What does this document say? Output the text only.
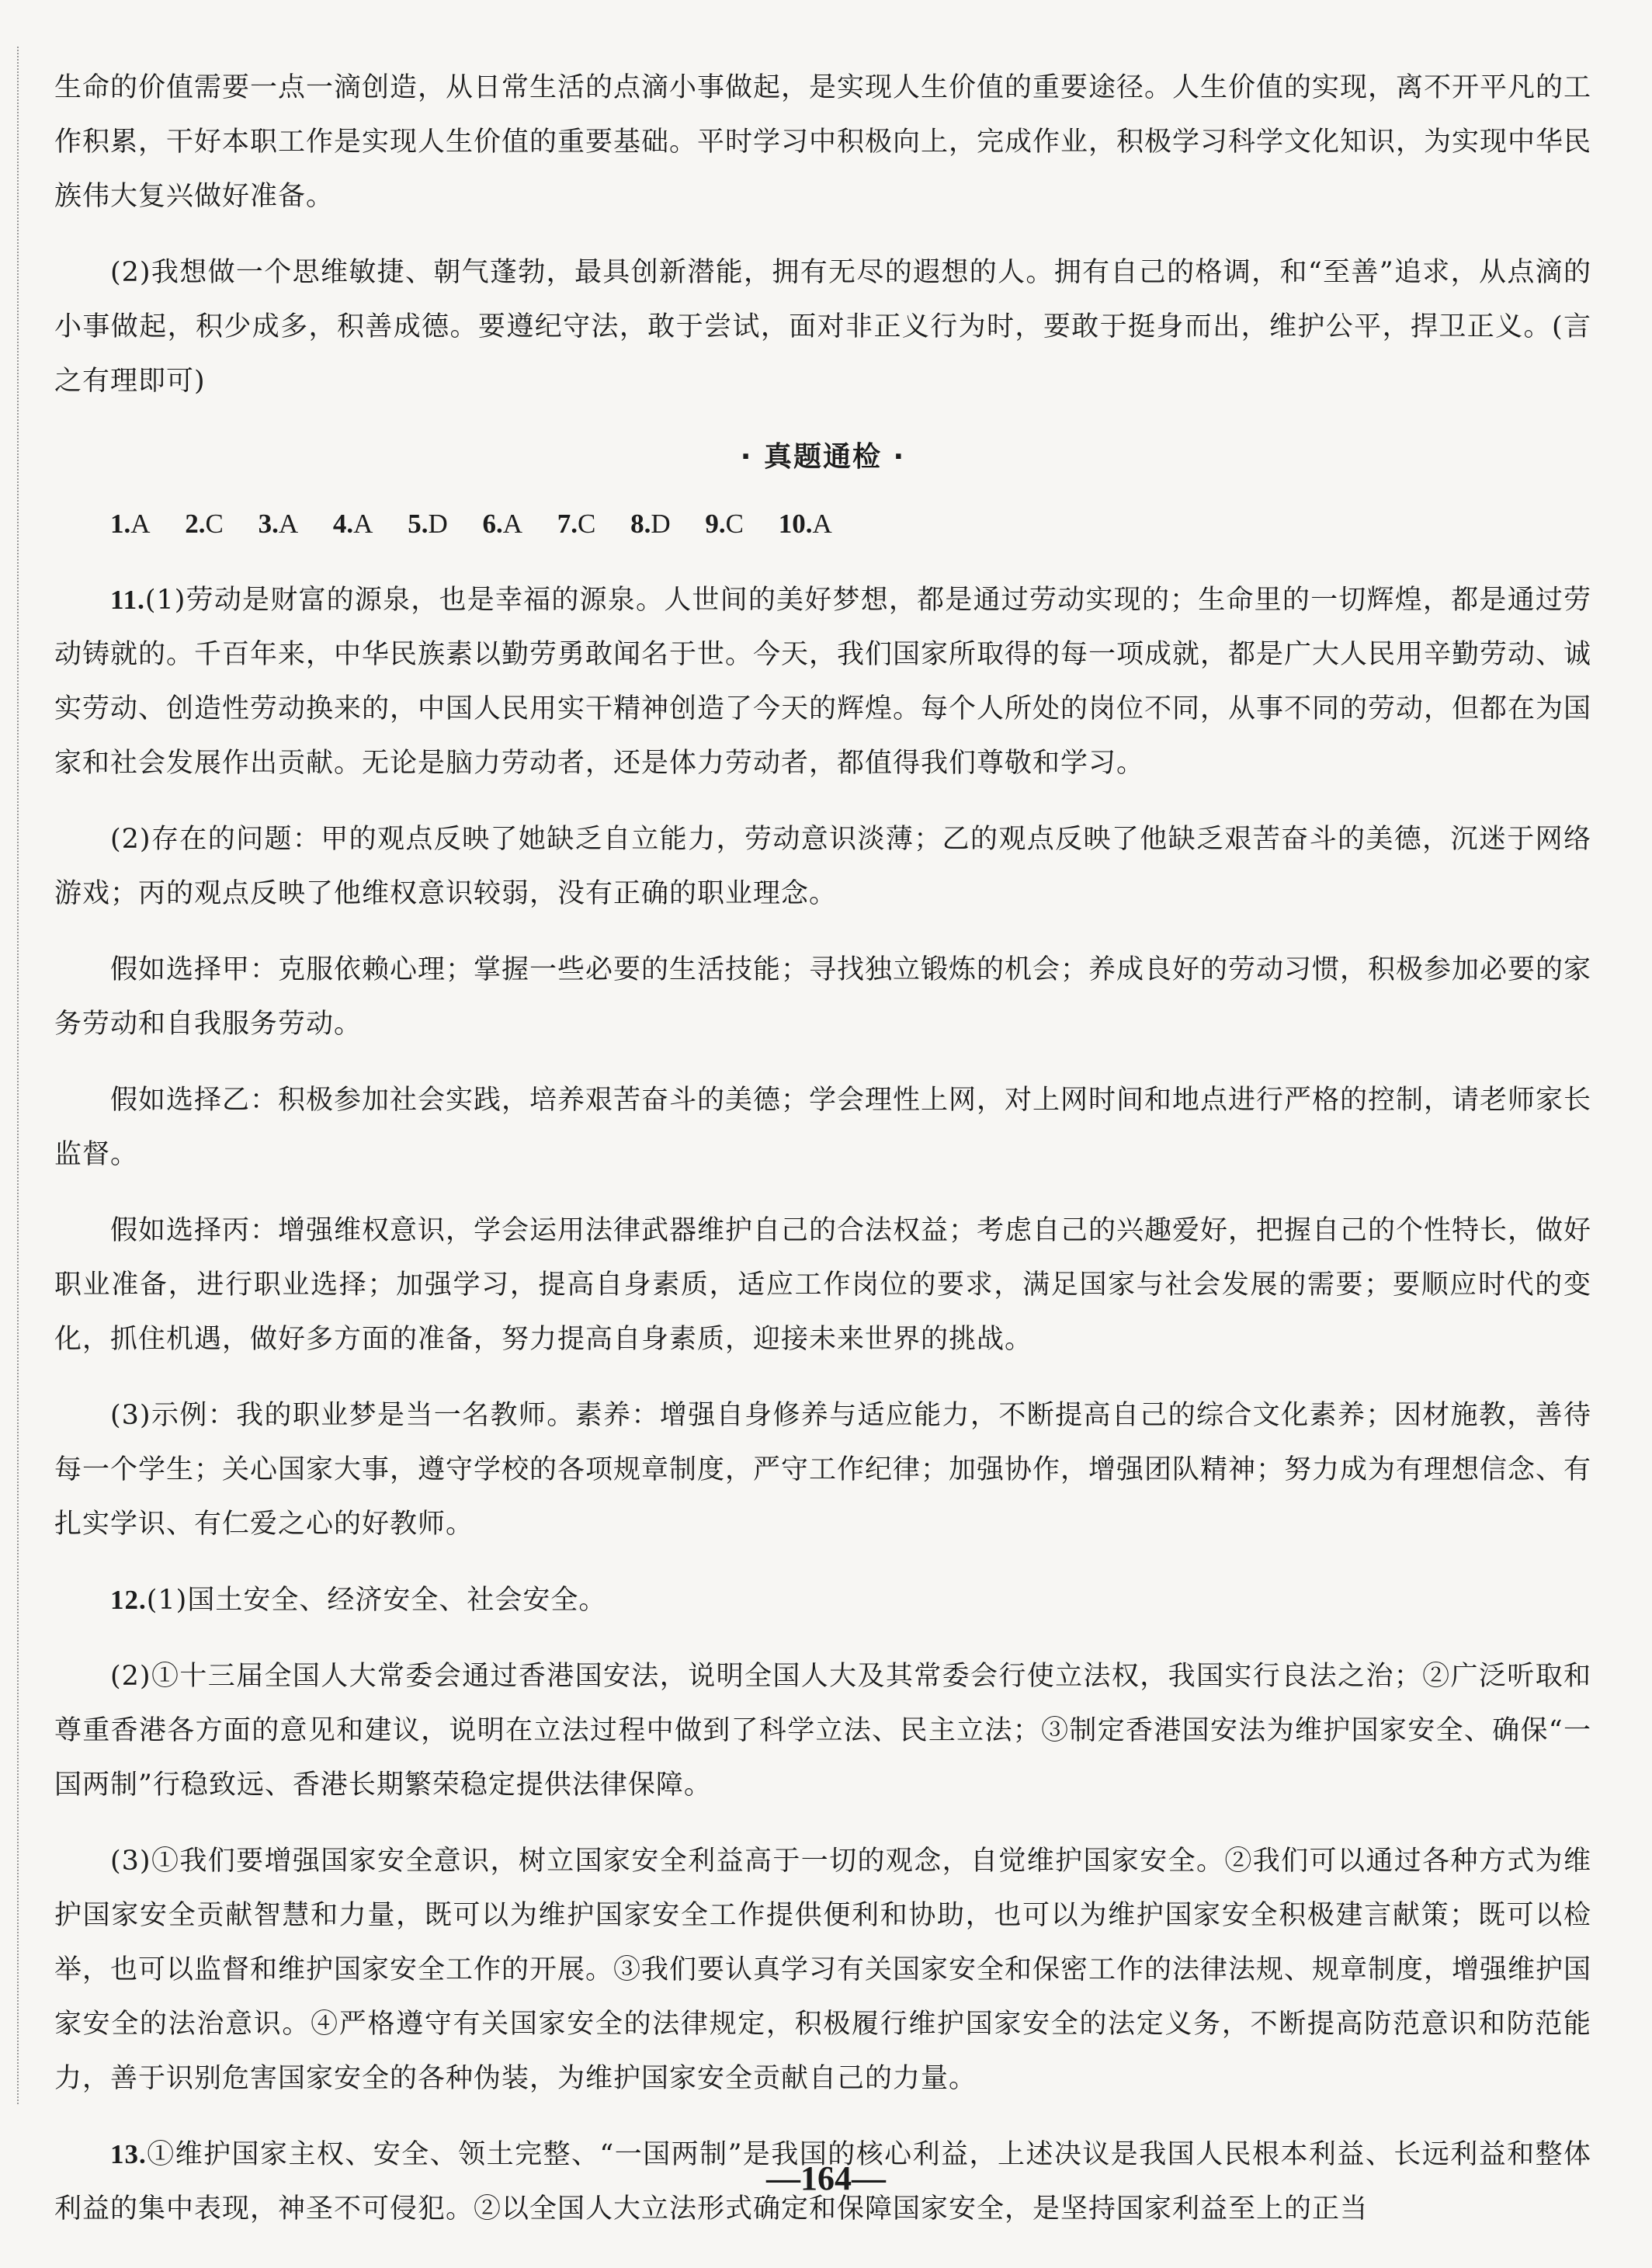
生命的价值需要一点一滴创造，从日常生活的点滴小事做起，是实现人生价值的重要途径。人生价值的实现，离不开平凡的工作积累，干好本职工作是实现人生价值的重要基础。平时学习中积极向上，完成作业，积极学习科学文化知识，为实现中华民族伟大复兴做好准备。

(2)我想做一个思维敏捷、朝气蓬勃，最具创新潜能，拥有无尽的遐想的人。拥有自己的格调，和“至善”追求，从点滴的小事做起，积少成多，积善成德。要遵纪守法，敢于尝试，面对非正义行为时，要敢于挺身而出，维护公平，捍卫正义。(言之有理即可)

· 真题通检 ·
1.A 2.C 3.A 4.A 5.D 6.A 7.C 8.D 9.C 10.A

11.(1)劳动是财富的源泉，也是幸福的源泉。人世间的美好梦想，都是通过劳动实现的；生命里的一切辉煌，都是通过劳动铸就的。千百年来，中华民族素以勤劳勇敢闻名于世。今天，我们国家所取得的每一项成就，都是广大人民用辛勤劳动、诚实劳动、创造性劳动换来的，中国人民用实干精神创造了今天的辉煌。每个人所处的岗位不同，从事不同的劳动，但都在为国家和社会发展作出贡献。无论是脑力劳动者，还是体力劳动者，都值得我们尊敬和学习。

(2)存在的问题：甲的观点反映了她缺乏自立能力，劳动意识淡薄；乙的观点反映了他缺乏艰苦奋斗的美德，沉迷于网络游戏；丙的观点反映了他维权意识较弱，没有正确的职业理念。

假如选择甲：克服依赖心理；掌握一些必要的生活技能；寻找独立锻炼的机会；养成良好的劳动习惯，积极参加必要的家务劳动和自我服务劳动。

假如选择乙：积极参加社会实践，培养艰苦奋斗的美德；学会理性上网，对上网时间和地点进行严格的控制，请老师家长监督。

假如选择丙：增强维权意识，学会运用法律武器维护自己的合法权益；考虑自己的兴趣爱好，把握自己的个性特长，做好职业准备，进行职业选择；加强学习，提高自身素质，适应工作岗位的要求，满足国家与社会发展的需要；要顺应时代的变化，抓住机遇，做好多方面的准备，努力提高自身素质，迎接未来世界的挑战。

(3)示例：我的职业梦是当一名教师。素养：增强自身修养与适应能力，不断提高自己的综合文化素养；因材施教，善待每一个学生；关心国家大事，遵守学校的各项规章制度，严守工作纪律；加强协作，增强团队精神；努力成为有理想信念、有扎实学识、有仁爱之心的好教师。

12.(1)国土安全、经济安全、社会安全。

(2)①十三届全国人大常委会通过香港国安法，说明全国人大及其常委会行使立法权，我国实行良法之治；②广泛听取和尊重香港各方面的意见和建议，说明在立法过程中做到了科学立法、民主立法；③制定香港国安法为维护国家安全、确保“一国两制”行稳致远、香港长期繁荣稳定提供法律保障。

(3)①我们要增强国家安全意识，树立国家安全利益高于一切的观念，自觉维护国家安全。②我们可以通过各种方式为维护国家安全贡献智慧和力量，既可以为维护国家安全工作提供便利和协助，也可以为维护国家安全积极建言献策；既可以检举，也可以监督和维护国家安全工作的开展。③我们要认真学习有关国家安全和保密工作的法律法规、规章制度，增强维护国家安全的法治意识。④严格遵守有关国家安全的法律规定，积极履行维护国家安全的法定义务，不断提高防范意识和防范能力，善于识别危害国家安全的各种伪装，为维护国家安全贡献自己的力量。

13.①维护国家主权、安全、领土完整、“一国两制”是我国的核心利益，上述决议是我国人民根本利益、长远利益和整体利益的集中表现，神圣不可侵犯。②以全国人大立法形式确定和保障国家安全，是坚持国家利益至上的正当

—164—
